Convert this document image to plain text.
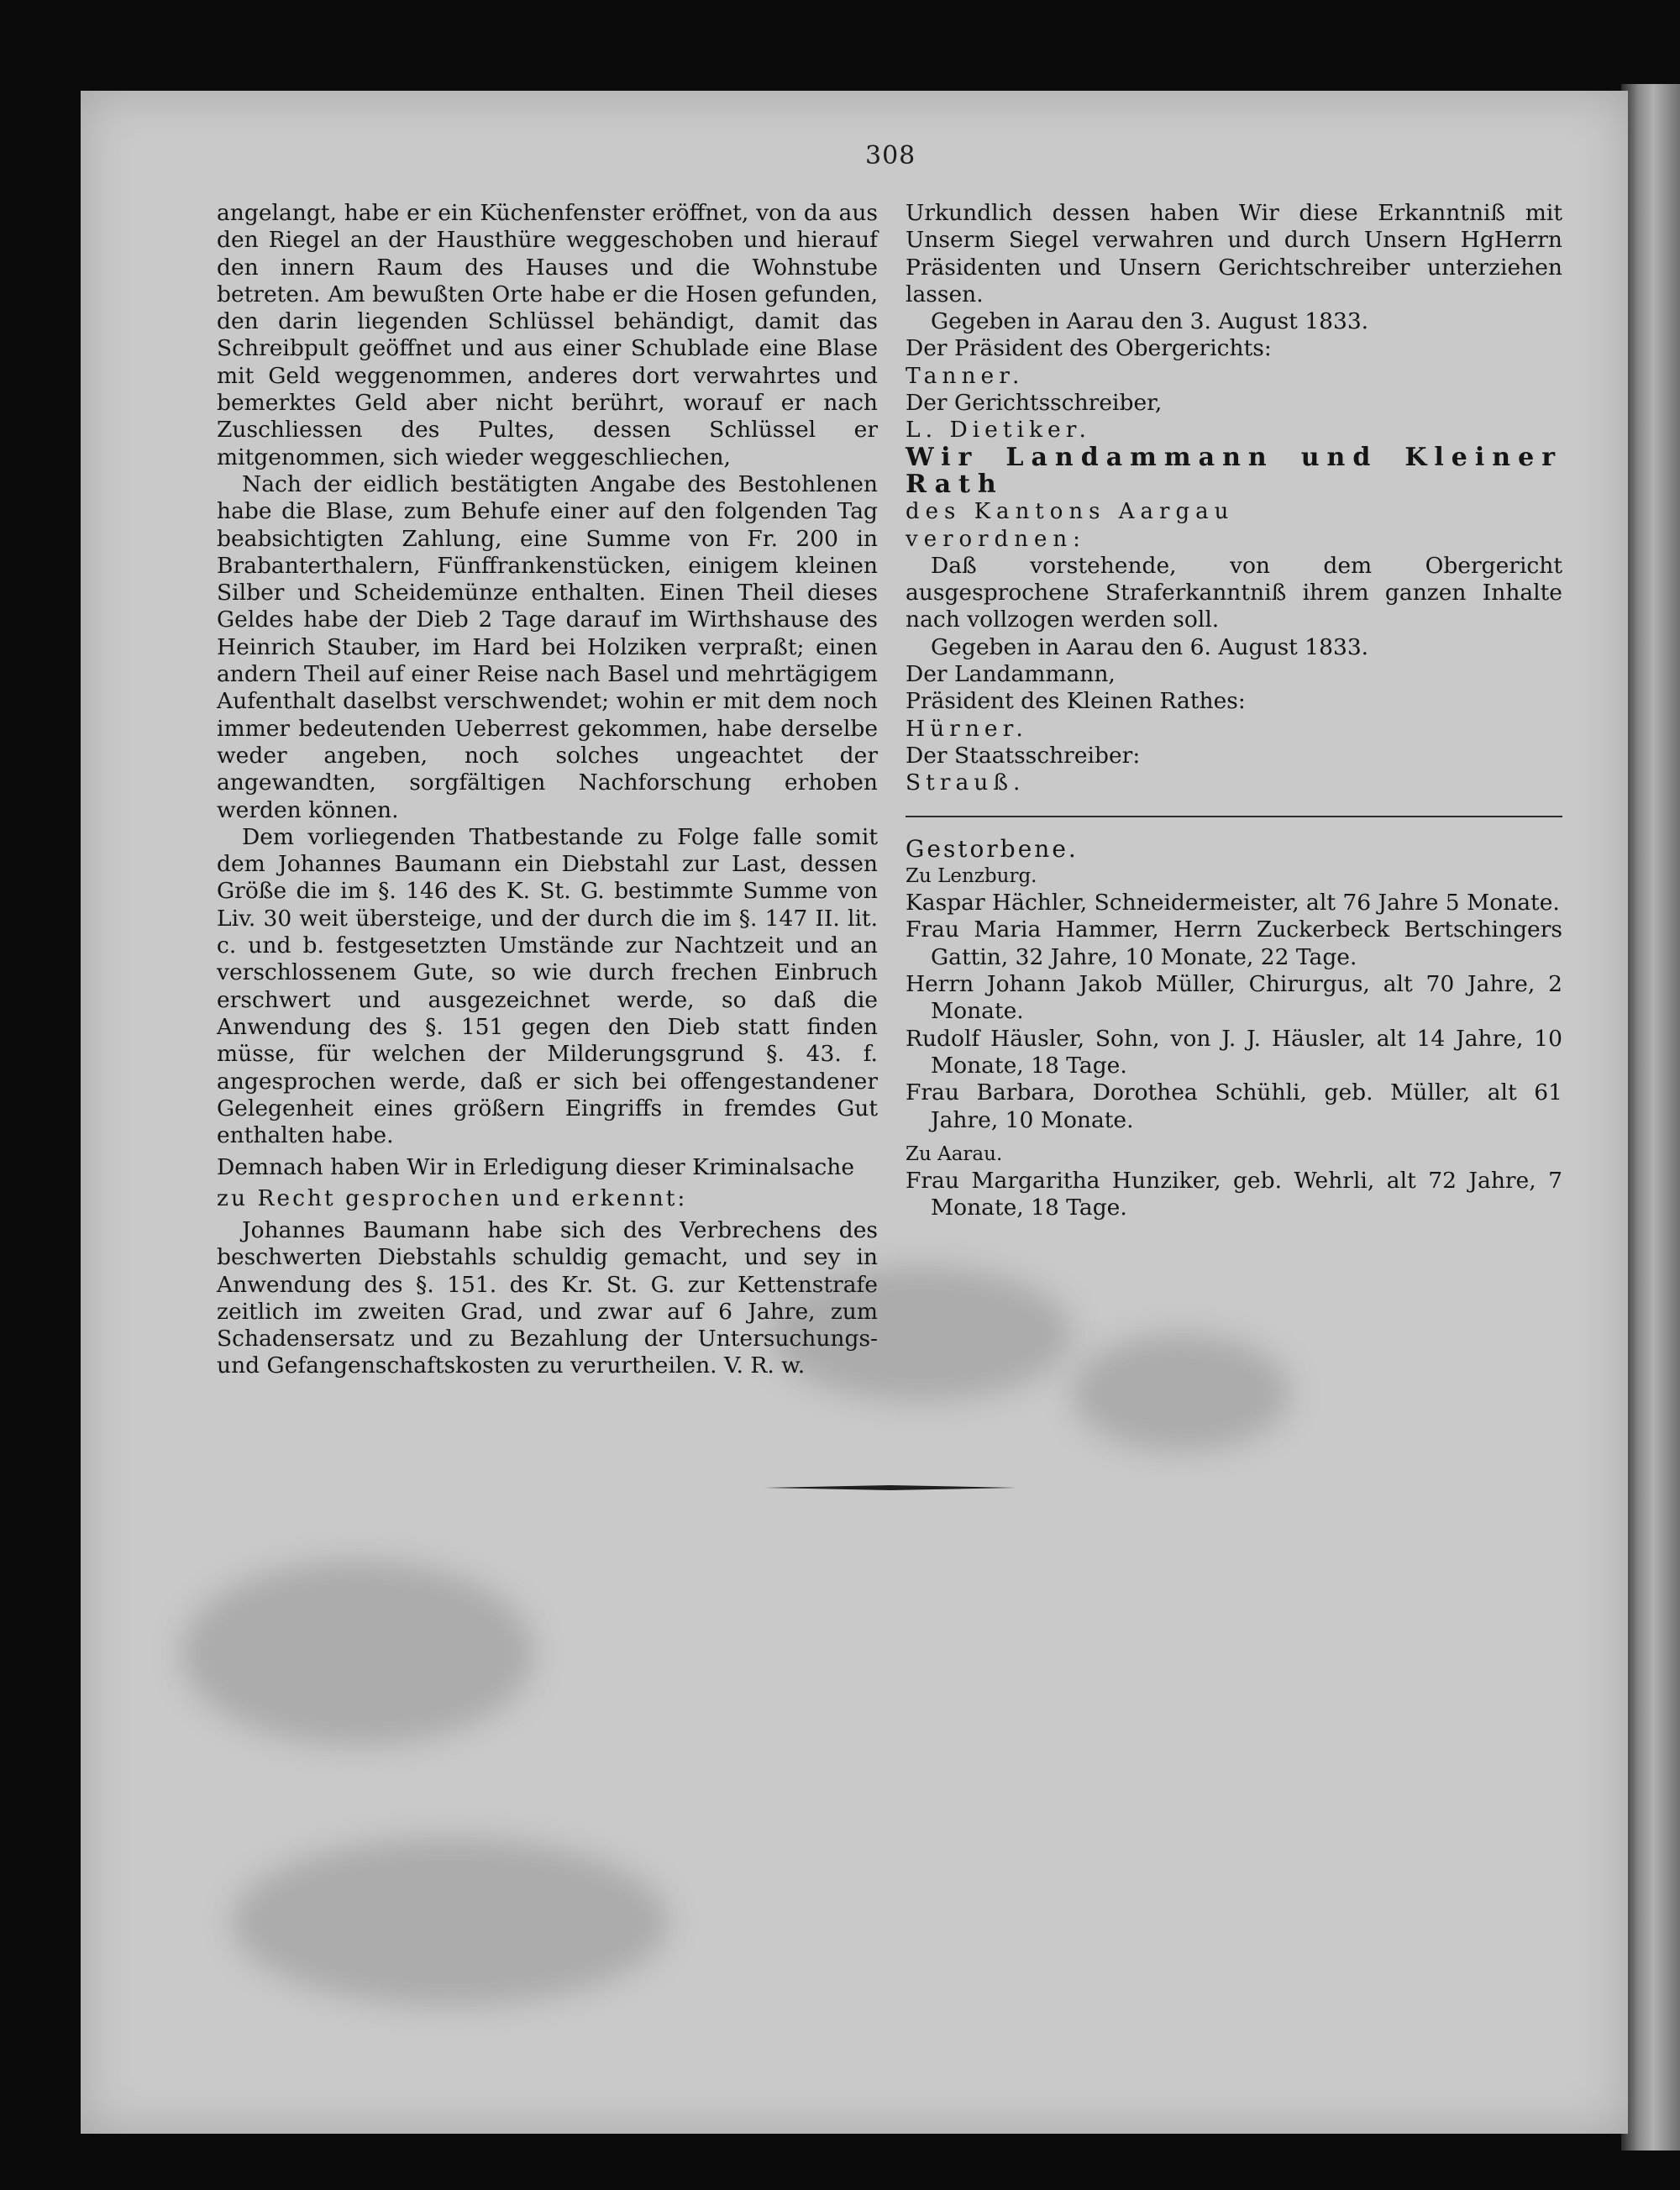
308

angelangt, habe er ein Küchenfenster eröffnet, von da aus den Riegel an der Hausthüre weggeschoben und hierauf den innern Raum des Hauses und die Wohnstube betreten. Am bewußten Orte habe er die Hosen gefunden, den darin liegenden Schlüssel behändigt, damit das Schreibpult geöffnet und aus einer Schublade eine Blase mit Geld weggenommen, anderes dort verwahrtes und bemerktes Geld aber nicht berührt, worauf er nach Zuschliessen des Pultes, dessen Schlüssel er mitgenommen, sich wieder weggeschliechen,

Nach der eidlich bestätigten Angabe des Bestohlenen habe die Blase, zum Behufe einer auf den folgenden Tag beabsichtigten Zahlung, eine Summe von Fr. 200 in Brabanterthalern, Fünffrankenstücken, einigem kleinen Silber und Scheidemünze enthalten. Einen Theil dieses Geldes habe der Dieb 2 Tage darauf im Wirthshause des Heinrich Stauber, im Hard bei Holziken verpraßt; einen andern Theil auf einer Reise nach Basel und mehrtägigem Aufenthalt daselbst verschwendet; wohin er mit dem noch immer bedeutenden Ueberrest gekommen, habe derselbe weder angeben, noch solches ungeachtet der angewandten, sorgfältigen Nachforschung erhoben werden können.

Dem vorliegenden Thatbestande zu Folge falle somit dem Johannes Baumann ein Diebstahl zur Last, dessen Größe die im §. 146 des K. St. G. bestimmte Summe von Liv. 30 weit übersteige, und der durch die im §. 147 II. lit. c. und b. festgesetzten Umstände zur Nachtzeit und an verschlossenem Gute, so wie durch frechen Einbruch erschwert und ausgezeichnet werde, so daß die Anwendung des §. 151 gegen den Dieb statt finden müsse, für welchen der Milderungsgrund §. 43. f. angesprochen werde, daß er sich bei offengestandener Gelegenheit eines größern Eingriffs in fremdes Gut enthalten habe.

Demnach haben Wir in Erledigung dieser Kriminalsache

zu Recht gesprochen und erkennt:

Johannes Baumann habe sich des Verbrechens des beschwerten Diebstahls schuldig gemacht, und sey in Anwendung des §. 151. des Kr. St. G. zur Kettenstrafe zeitlich im zweiten Grad, und zwar auf 6 Jahre, zum Schadensersatz und zu Bezahlung der Untersuchungs- und Gefangenschaftskosten zu verurtheilen. V. R. w.

Urkundlich dessen haben Wir diese Erkanntniß mit Unserm Siegel verwahren und durch Unsern HgHerrn Präsidenten und Unsern Gerichtschreiber unterziehen lassen.

Gegeben in Aarau den 3. August 1833.

Der Präsident des Obergerichts:

Tanner.

Der Gerichtsschreiber,

L. Dietiker.

Wir Landammann und Kleiner Rath

des Kantons Aargau

verordnen:

Daß vorstehende, von dem Obergericht ausgesprochene Straferkanntniß ihrem ganzen Inhalte nach vollzogen werden soll.

Gegeben in Aarau den 6. August 1833.

Der Landammann,

Präsident des Kleinen Rathes:

Hürner.

Der Staatsschreiber:

Strauß.

Gestorbene.

Zu Lenzburg.

Kaspar Hächler, Schneidermeister, alt 76 Jahre 5 Monate.

Frau Maria Hammer, Herrn Zuckerbeck Bertschingers Gattin, 32 Jahre, 10 Monate, 22 Tage.

Herrn Johann Jakob Müller, Chirurgus, alt 70 Jahre, 2 Monate.

Rudolf Häusler, Sohn, von J. J. Häusler, alt 14 Jahre, 10 Monate, 18 Tage.

Frau Barbara, Dorothea Schühli, geb. Müller, alt 61 Jahre, 10 Monate.

Zu Aarau.

Frau Margaritha Hunziker, geb. Wehrli, alt 72 Jahre, 7 Monate, 18 Tage.
